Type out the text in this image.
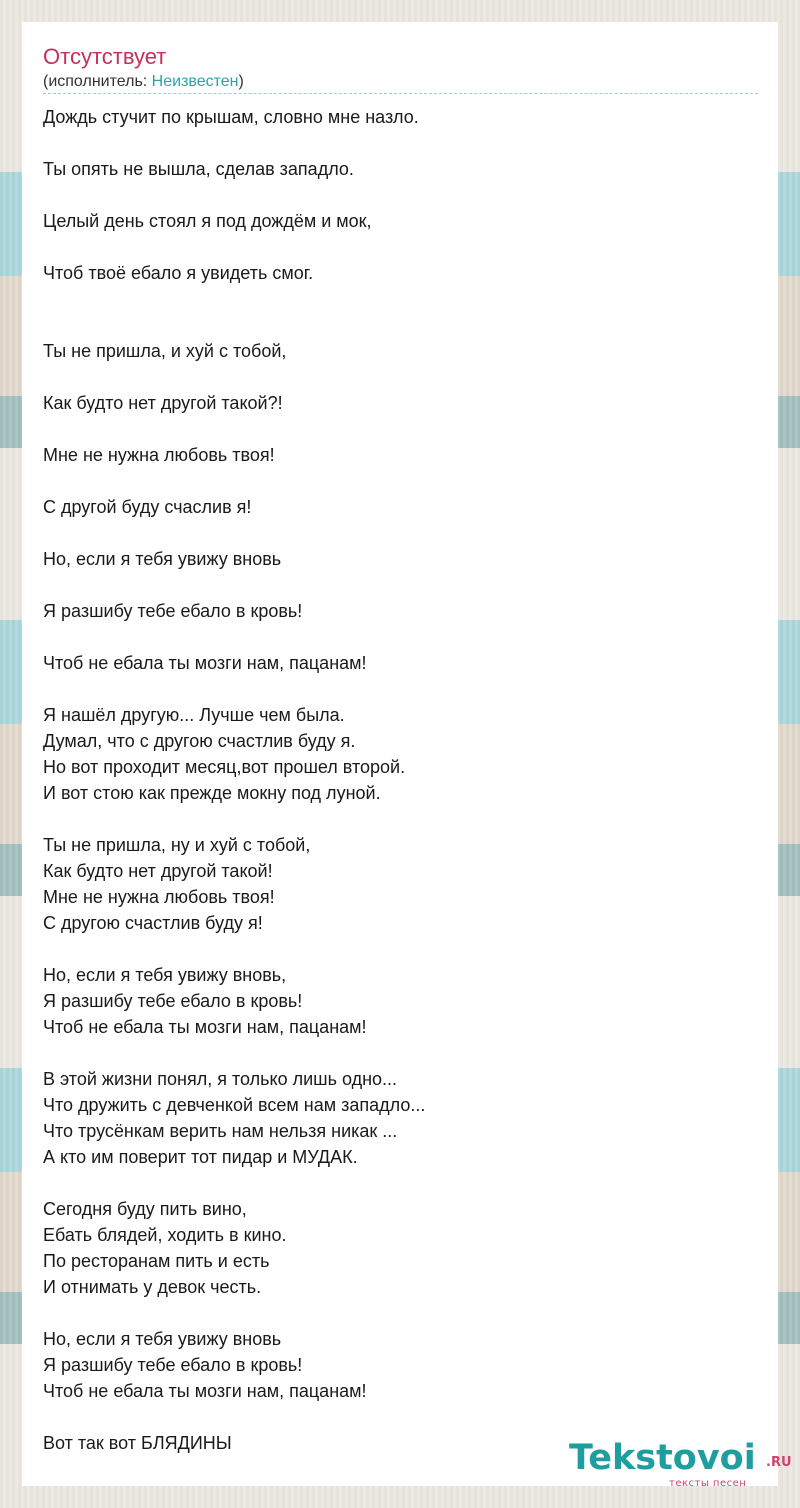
Отсутствует
(исполнитель: Неизвестен)
Дождь стучит по крышам, словно мне назло.
Ты опять не вышла, сделав западло.
Целый день стоял я под дождём и мок,
Чтоб твоё ебало я увидеть смог.
Ты не пришла, и хуй с тобой,
Как будто нет другой такой?!
Мне не нужна любовь твоя!
С другой буду счаслив я!
Но, если я тебя увижу вновь
Я разшибу тебе ебало в кровь!
Чтоб не ебала ты мозги нам, пацанам!
Я нашёл другую... Лучше чем была.
Думал, что с другою счастлив буду я.
Но вот проходит месяц,вот прошел второй.
И вот стою как прежде мокну под луной.
Ты не пришла, ну и хуй с тобой,
Как будто нет другой такой!
Мне не нужна любовь твоя!
С другою счастлив буду я!
Но, если я тебя увижу вновь,
Я разшибу тебе ебало в кровь!
Чтоб не ебала ты мозги нам, пацанам!
В этой жизни понял, я только лишь одно...
Что дружить с девченкой всем нам западло...
Что трусёнкам верить нам нельзя никак ...
А кто им поверит тот пидар и МУДАК.
Сегодня буду пить вино,
Ебать блядей, ходить в кино.
По ресторанам пить и есть
И отнимать у девок честь.
Но, если я тебя увижу вновь
Я разшибу тебе ебало в кровь!
Чтоб не ебала ты мозги нам, пацанам!
Вот так вот БЛЯДИНЫ	Tekstovoi .RU
тексты песен
